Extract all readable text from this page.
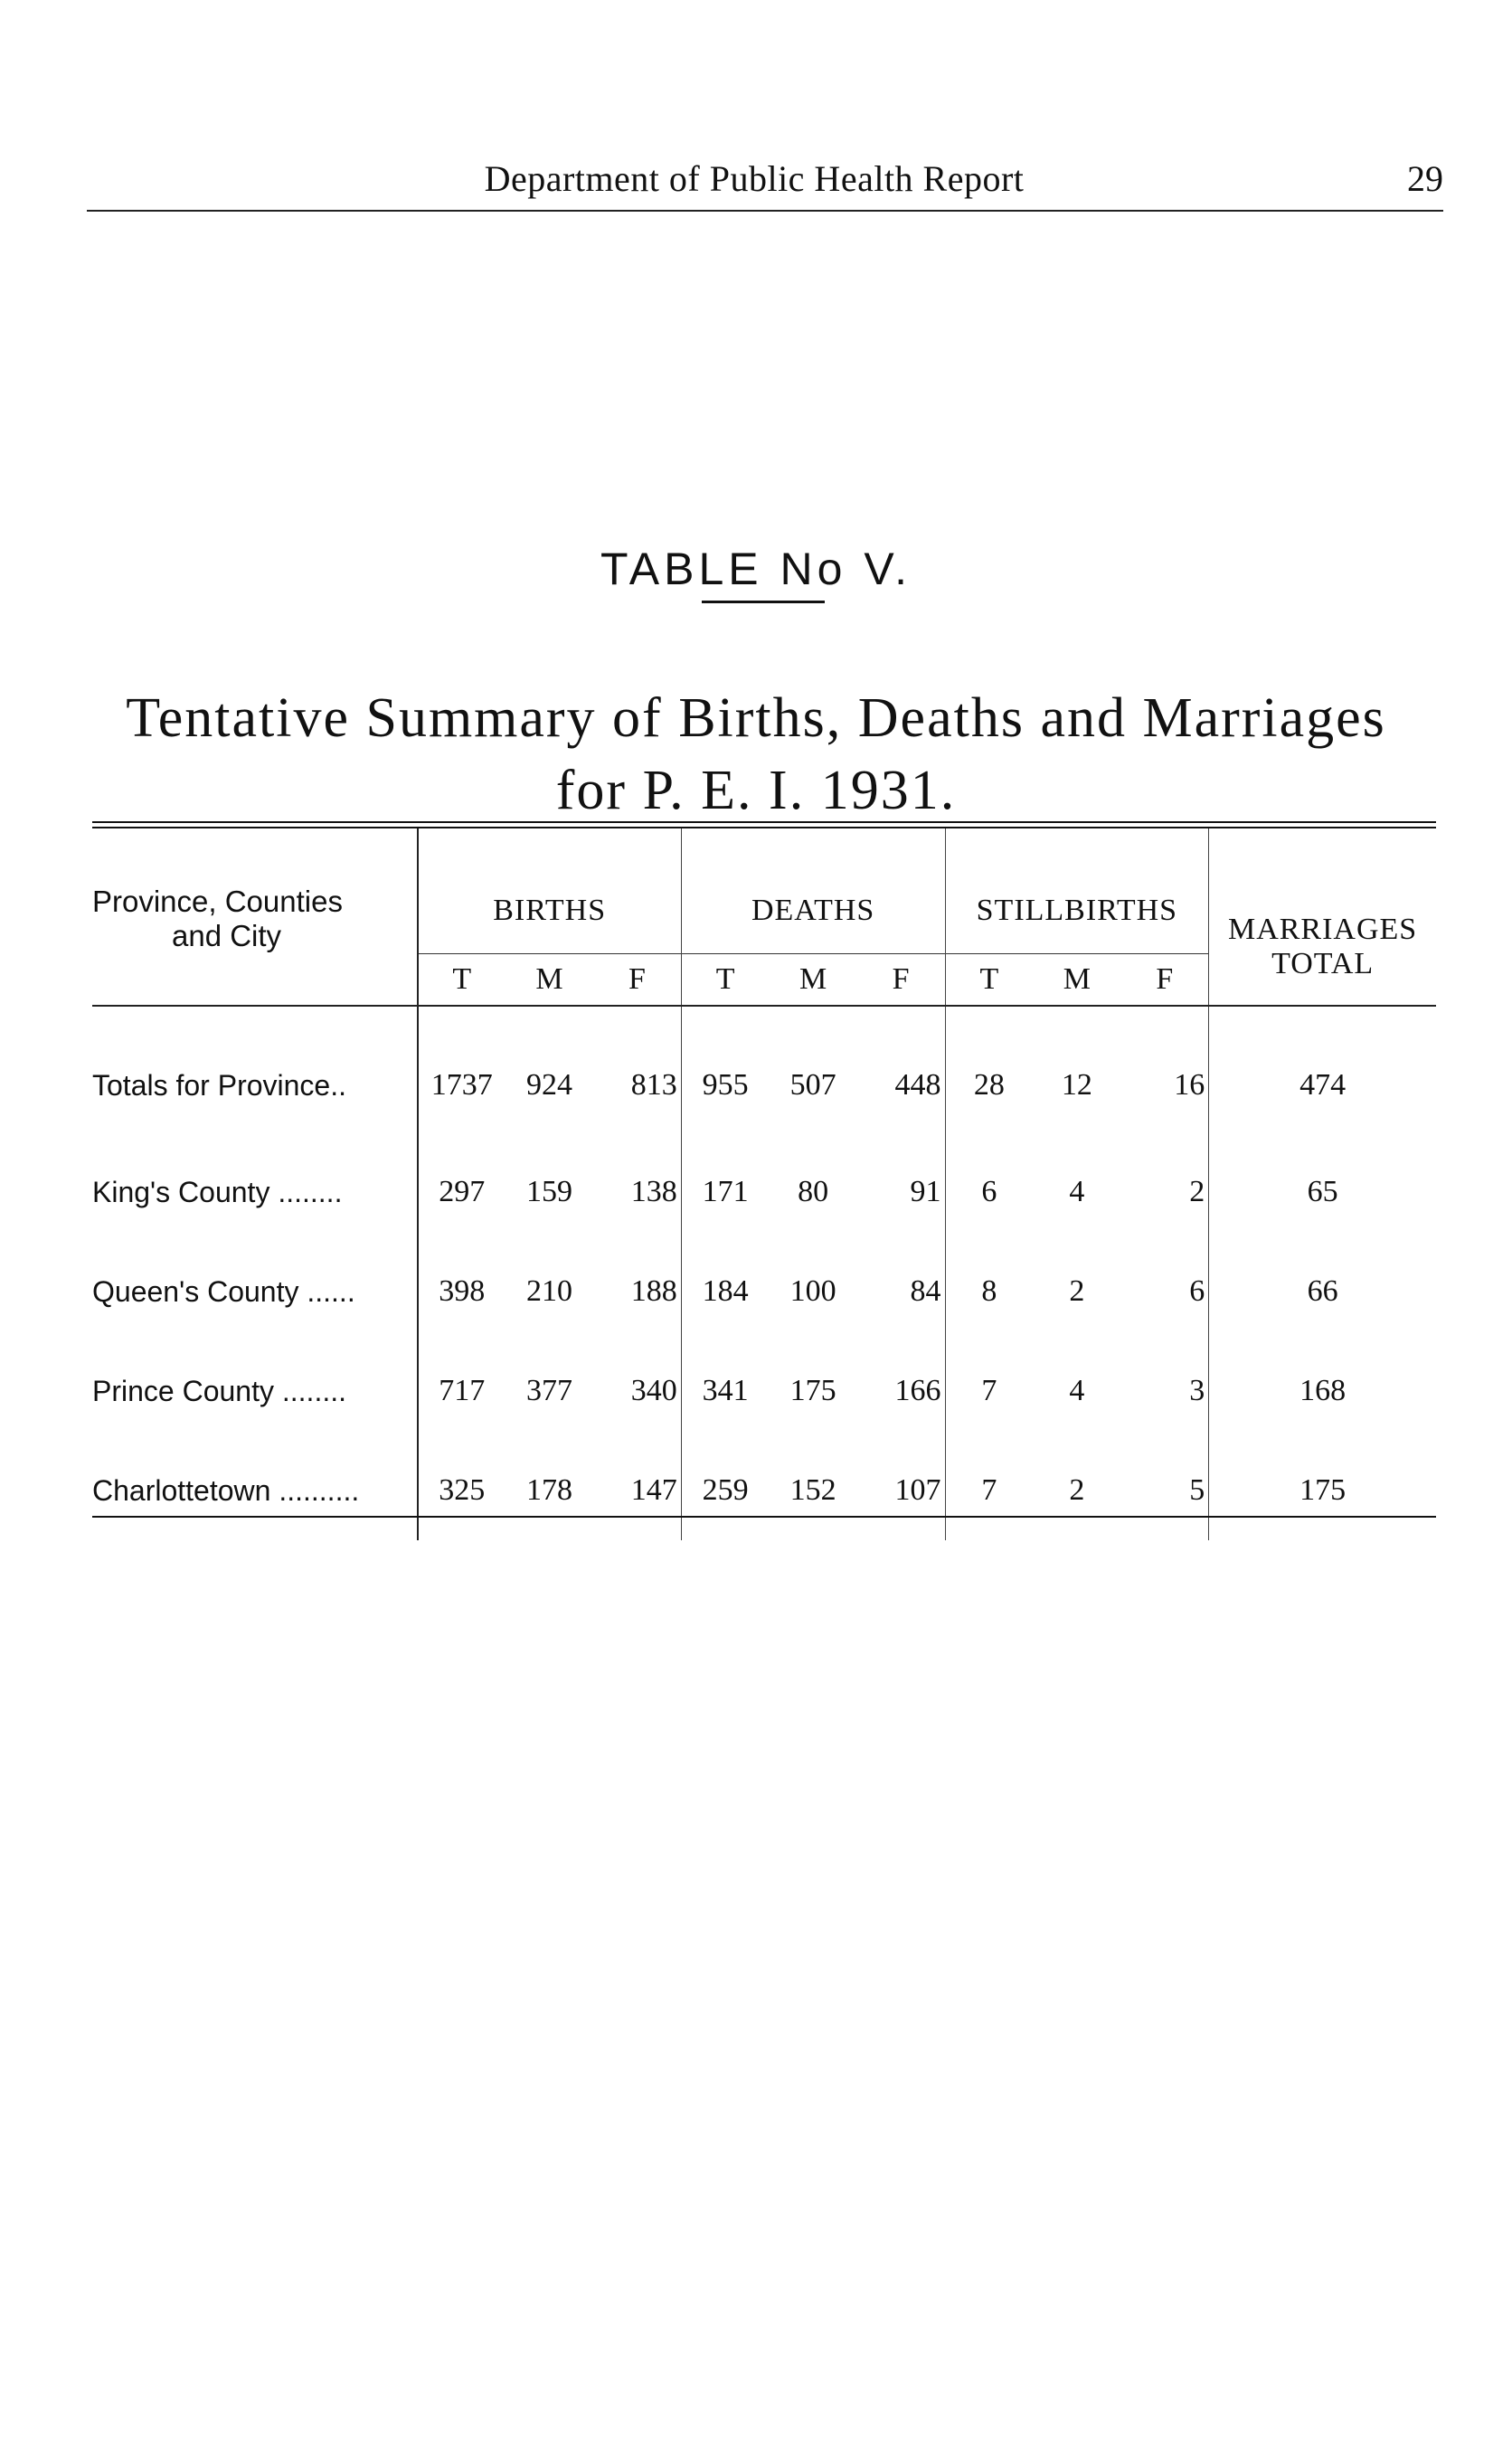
Department of Public Health Report	29
TABLE No V.
Tentative Summary of Births, Deaths and Marriages
for P. E. I. 1931.
Province, Counties
and City	BIRTHS			DEATHS			STILLBIRTHS			MARRIAGES
TOTAL
	T	M	F	T	M	F	T	M	F	
Totals for Province..	1737	924	813	955	507	448	28	12	16	474
King's County ........	297	159	138	171	80	91	6	4	2	65
Queen's County ......	398	210	188	184	100	84	8	2	6	66
Prince County ........	717	377	340	341	175	166	7	4	3	168
Charlottetown ..........	325	178	147	259	152	107	7	2	5	175
